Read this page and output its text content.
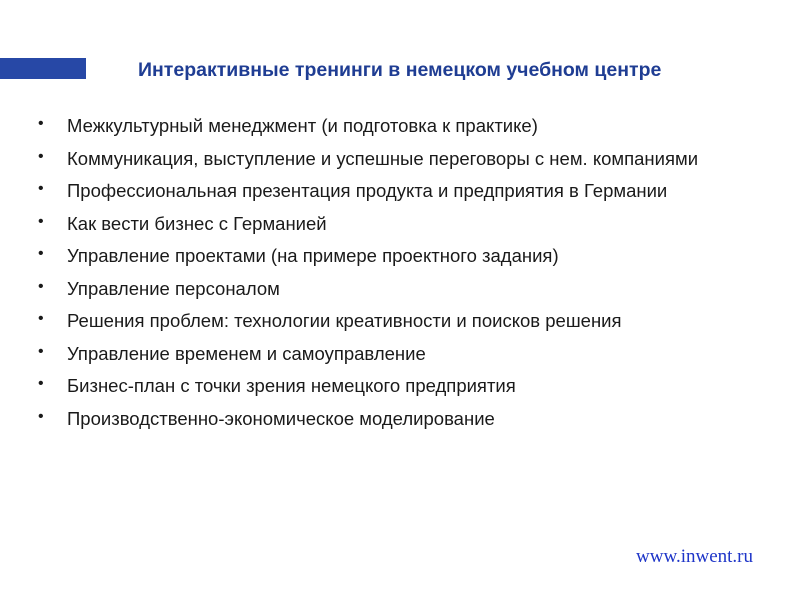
Интерактивные тренинги в немецком учебном центре
• Межкультурный менеджмент (и подготовка к практике)
• Коммуникация, выступление и успешные переговоры с нем. компаниями
• Профессиональная презентация продукта и предприятия в Германии
• Как вести бизнес с Германией
• Управление проектами (на примере проектного задания)
• Управление персоналом
• Решения проблем: технологии креативности и поисков решения
• Управление временем и самоуправление
• Бизнес-план с точки зрения немецкого предприятия
• Производственно-экономическое моделирование
www.inwent.ru
